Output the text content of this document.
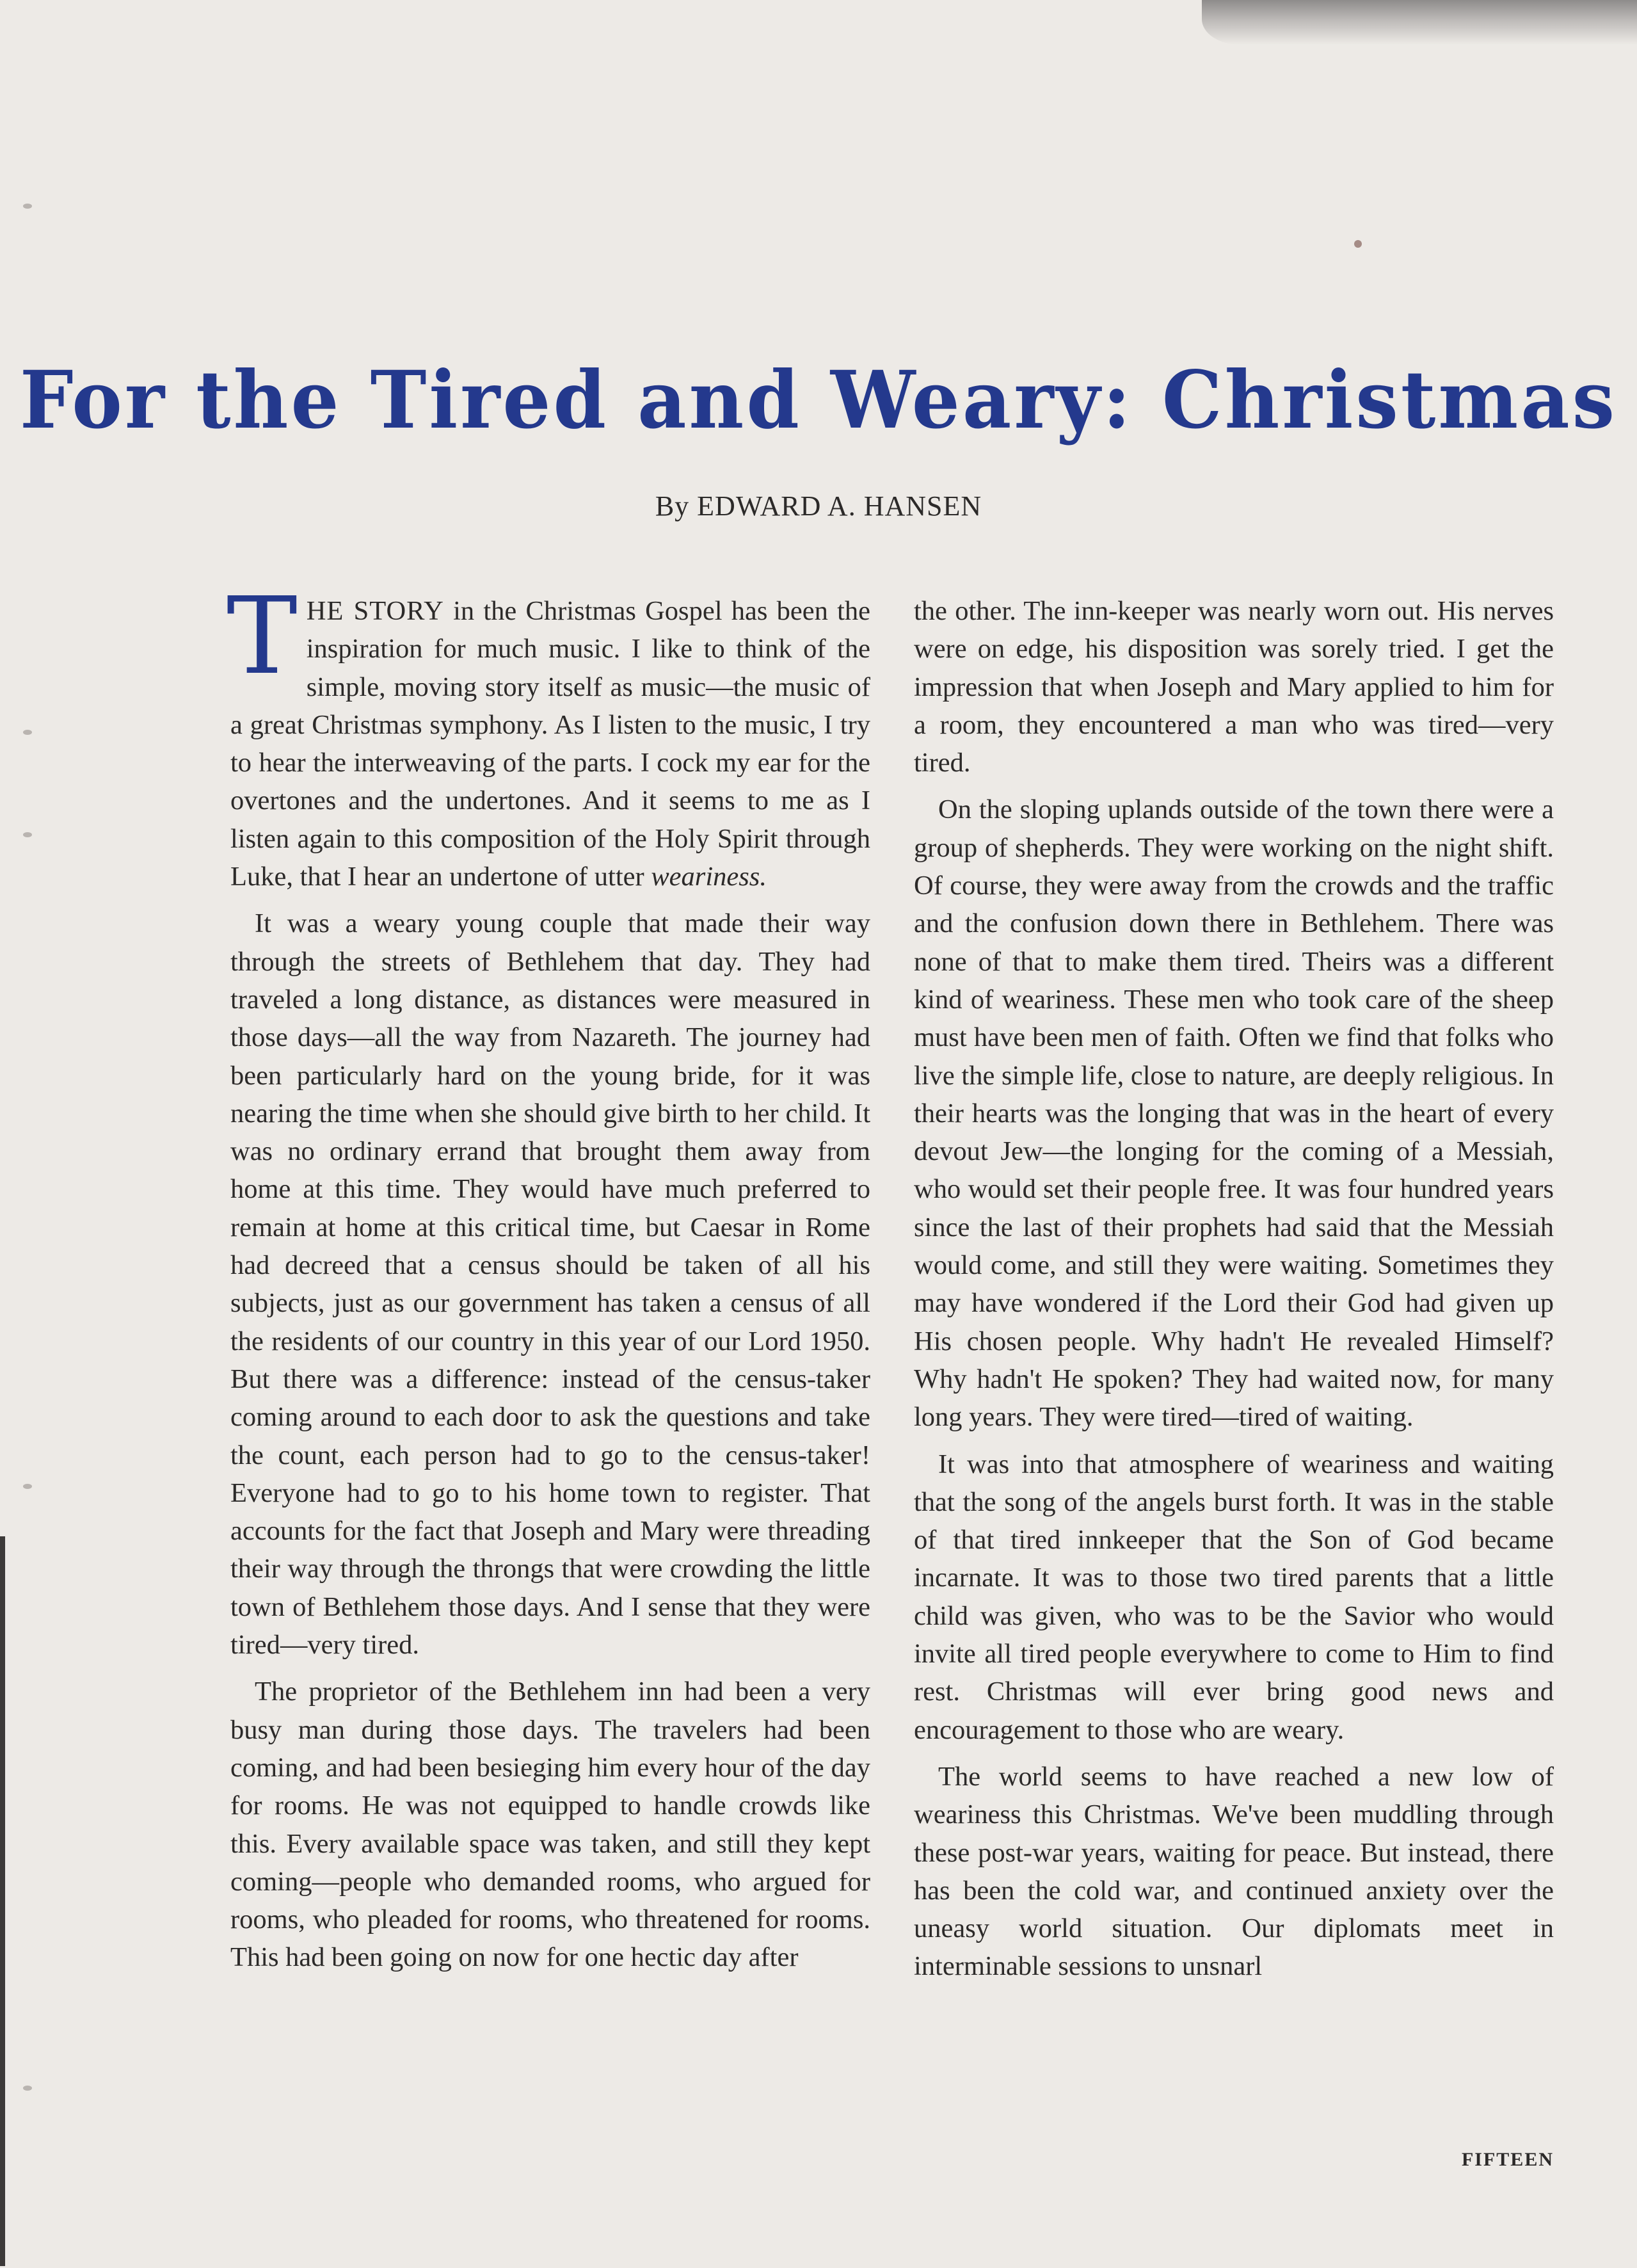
For the Tired and Weary: Christmas

By EDWARD A. HANSEN

THE STORY in the Christmas Gospel has been the inspiration for much music. I like to think of the simple, moving story itself as music—the music of a great Christmas symphony. As I listen to the music, I try to hear the interweaving of the parts. I cock my ear for the overtones and the undertones. And it seems to me as I listen again to this composition of the Holy Spirit through Luke, that I hear an undertone of utter weariness.

It was a weary young couple that made their way through the streets of Bethlehem that day. They had traveled a long distance, as distances were measured in those days—all the way from Nazareth. The journey had been particularly hard on the young bride, for it was nearing the time when she should give birth to her child. It was no ordinary errand that brought them away from home at this time. They would have much preferred to remain at home at this critical time, but Caesar in Rome had decreed that a census should be taken of all his subjects, just as our government has taken a census of all the residents of our country in this year of our Lord 1950. But there was a difference: instead of the census-taker coming around to each door to ask the questions and take the count, each person had to go to the census-taker! Everyone had to go to his home town to register. That accounts for the fact that Joseph and Mary were threading their way through the throngs that were crowding the little town of Bethlehem those days. And I sense that they were tired—very tired.

The proprietor of the Bethlehem inn had been a very busy man during those days. The travelers had been coming, and had been besieging him every hour of the day for rooms. He was not equipped to handle crowds like this. Every available space was taken, and still they kept coming—people who demanded rooms, who argued for rooms, who pleaded for rooms, who threatened for rooms. This had been going on now for one hectic day after

the other. The inn-keeper was nearly worn out. His nerves were on edge, his disposition was sorely tried. I get the impression that when Joseph and Mary applied to him for a room, they encountered a man who was tired—very tired.

On the sloping uplands outside of the town there were a group of shepherds. They were working on the night shift. Of course, they were away from the crowds and the traffic and the confusion down there in Bethlehem. There was none of that to make them tired. Theirs was a different kind of weariness. These men who took care of the sheep must have been men of faith. Often we find that folks who live the simple life, close to nature, are deeply religious. In their hearts was the longing that was in the heart of every devout Jew—the longing for the coming of a Messiah, who would set their people free. It was four hundred years since the last of their prophets had said that the Messiah would come, and still they were waiting. Sometimes they may have wondered if the Lord their God had given up His chosen people. Why hadn't He revealed Himself? Why hadn't He spoken? They had waited now, for many long years. They were tired—tired of waiting.

It was into that atmosphere of weariness and waiting that the song of the angels burst forth. It was in the stable of that tired innkeeper that the Son of God became incarnate. It was to those two tired parents that a little child was given, who was to be the Savior who would invite all tired people everywhere to come to Him to find rest. Christmas will ever bring good news and encouragement to those who are weary.

The world seems to have reached a new low of weariness this Christmas. We've been muddling through these post-war years, waiting for peace. But instead, there has been the cold war, and continued anxiety over the uneasy world situation. Our diplomats meet in interminable sessions to unsnarl

FIFTEEN
